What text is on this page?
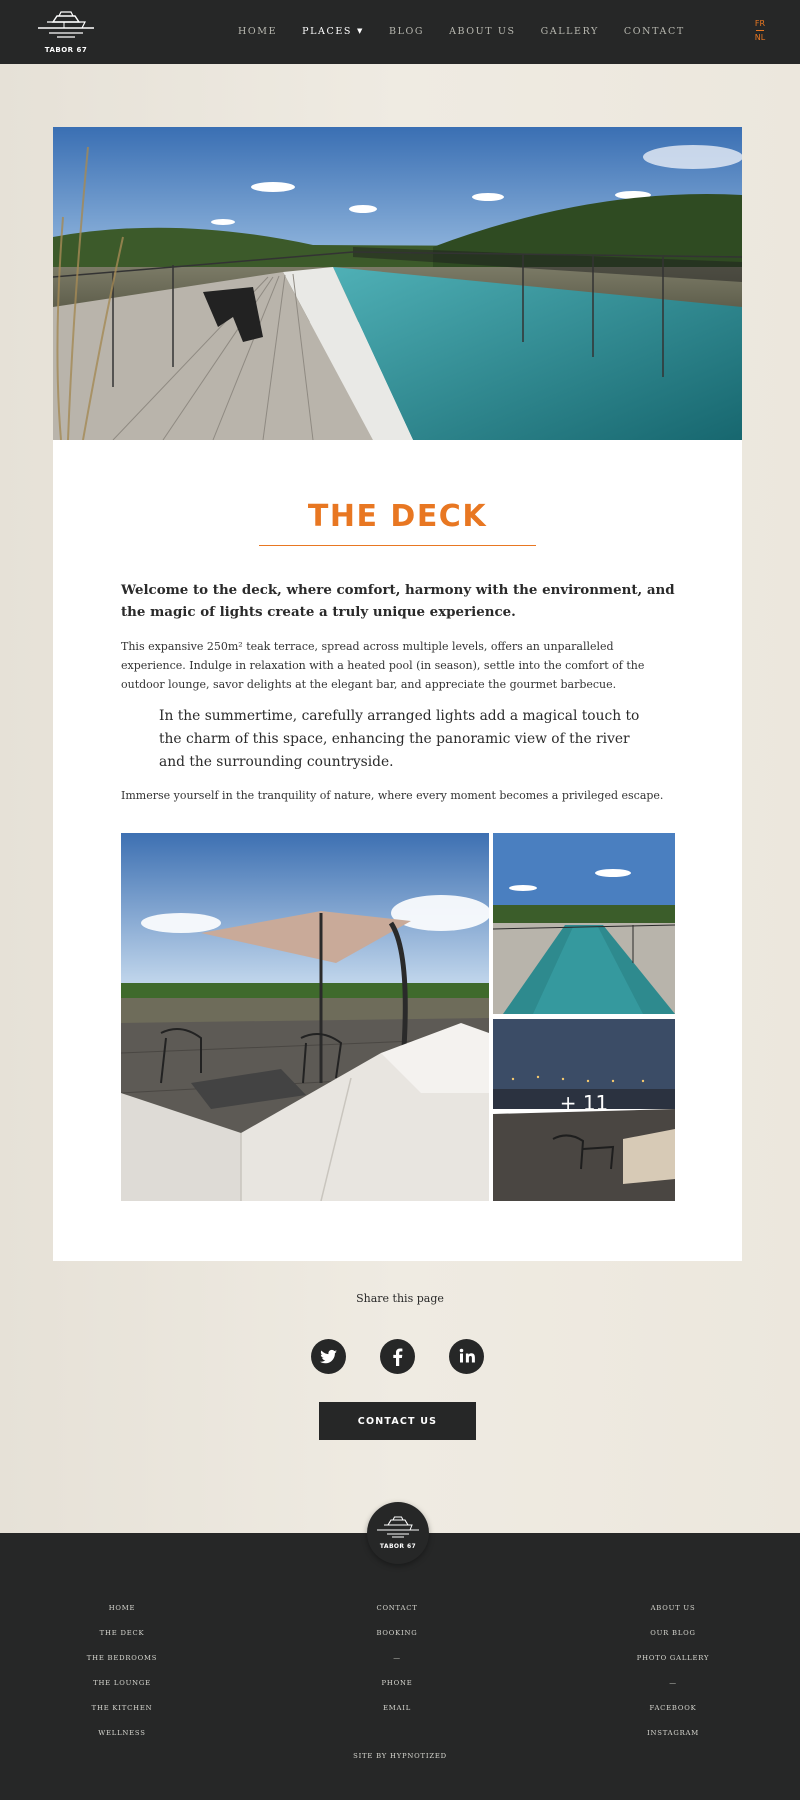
TABOR 67
HOME	PLACES ▼	BLOG	ABOUT US	GALLERY	CONTACT
FR
NL
THE DECK
Welcome to the deck, where comfort, harmony with the environment, and the magic of lights create a truly unique experience.
This expansive 250m² teak terrace, spread across multiple levels, offers an unparalleled experience. Indulge in relaxation with a heated pool (in season), settle into the comfort of the outdoor lounge, savor delights at the elegant bar, and appreciate the gourmet barbecue.
In the summertime, carefully arranged lights add a magical touch to the charm of this space, enhancing the panoramic view of the river and the surrounding countryside.
Immerse yourself in the tranquility of nature, where every moment becomes a privileged escape.
+ 11
Share this page
CONTACT US
TABOR 67
HOME
THE DECK
THE BEDROOMS
THE LOUNGE
THE KITCHEN
WELLNESS
CONTACT
BOOKING
—
PHONE
EMAIL
ABOUT US
OUR BLOG
PHOTO GALLERY
—
FACEBOOK
INSTAGRAM
SITE BY HYPNOTIZED
